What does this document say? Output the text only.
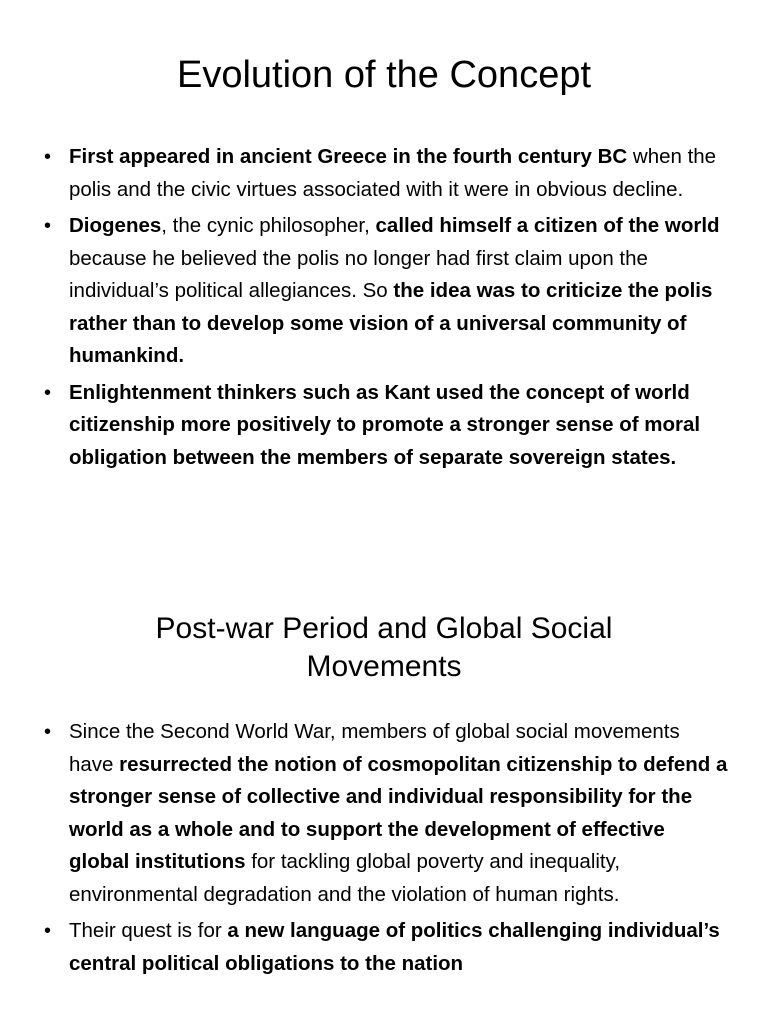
Evolution of the Concept
• First appeared in ancient Greece in the fourth century BC when the polis and the civic virtues associated with it were in obvious decline.
• Diogenes, the cynic philosopher, called himself a citizen of the world because he believed the polis no longer had first claim upon the individual’s political allegiances. So the idea was to criticize the polis rather than to develop some vision of a universal community of humankind.
• Enlightenment thinkers such as Kant used the concept of world citizenship more positively to promote a stronger sense of moral obligation between the members of separate sovereign states.
Post-war Period and Global Social Movements
• Since the Second World War, members of global social movements have resurrected the notion of cosmopolitan citizenship to defend a stronger sense of collective and individual responsibility for the world as a whole and to support the development of effective global institutions for tackling global poverty and inequality, environmental degradation and the violation of human rights.
• Their quest is for a new language of politics challenging individual’s central political obligations to the nation
